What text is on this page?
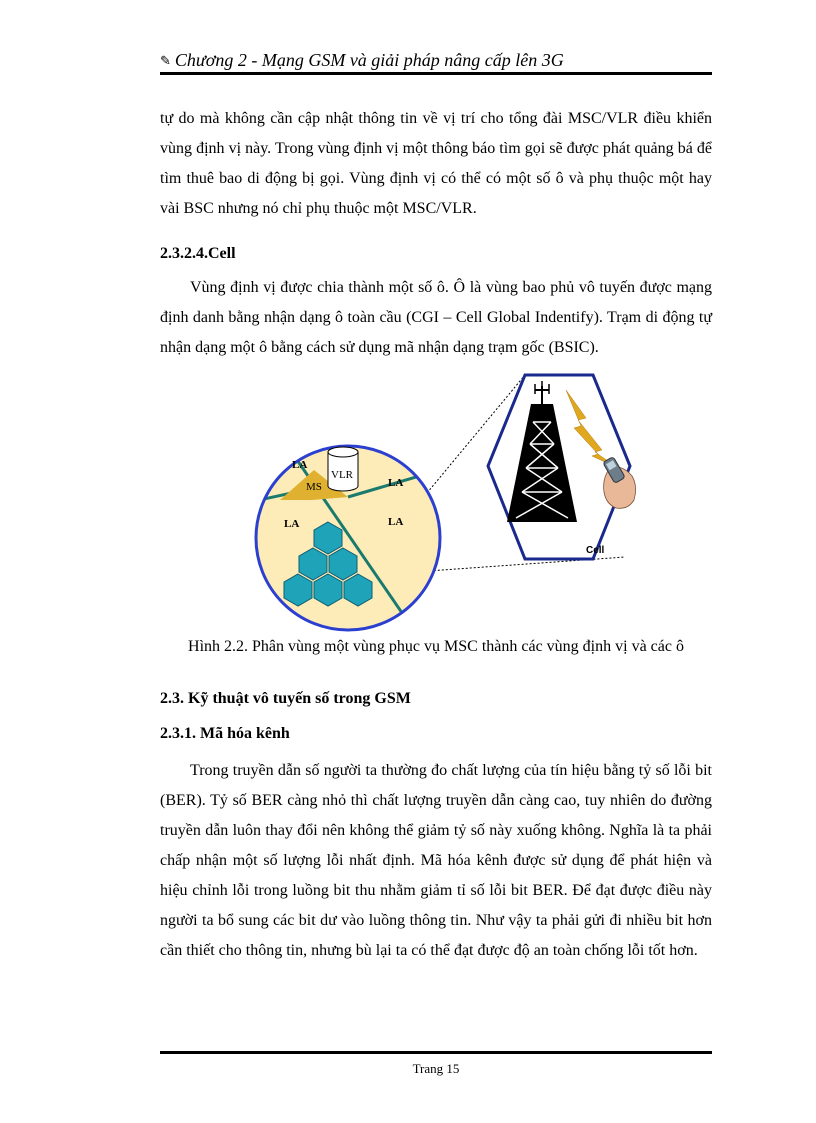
✎ Chương 2 - Mạng GSM và giải pháp nâng cấp lên 3G

tự do mà không cần cập nhật thông tin về vị trí cho tổng đài MSC/VLR điều khiển vùng định vị này. Trong vùng định vị một thông báo tìm gọi sẽ được phát quảng bá để tìm thuê bao di động bị gọi. Vùng định vị có thể có một số ô và phụ thuộc một hay vài BSC nhưng nó chỉ phụ thuộc một MSC/VLR.

2.3.2.4.Cell

Vùng định vị được chia thành một số ô. Ô là vùng bao phủ vô tuyến được mạng định danh bằng nhận dạng ô toàn cầu (CGI – Cell Global Indentify). Trạm di động tự nhận dạng một ô bằng cách sử dụng mã nhận dạng trạm gốc (BSIC).

LA
LA
LA	LA
MS
VLR
Cell
Hình 2.2. Phân vùng một vùng phục vụ MSC thành các vùng định vị và các ô
2.3. Kỹ thuật vô tuyến số trong GSM
2.3.1. Mã hóa kênh

Trong truyền dẫn số người ta thường đo chất lượng của tín hiệu bằng tỷ số lỗi bit (BER). Tỷ số BER càng nhỏ thì chất lượng truyền dẫn càng cao, tuy nhiên do đường truyền dẫn luôn thay đổi nên không thể giảm tỷ số này xuống không. Nghĩa là ta phải chấp nhận một số lượng lỗi nhất định. Mã hóa kênh được sử dụng để phát hiện và hiệu chỉnh lỗi trong luồng bit thu nhằm giảm tỉ số lỗi bit BER. Để đạt được điều này người ta bổ sung các bit dư vào luồng thông tin. Như vậy ta phải gửi đi nhiều bit hơn cần thiết cho thông tin, nhưng bù lại ta có thể đạt được độ an toàn chống lỗi tốt hơn.

Trang 15
